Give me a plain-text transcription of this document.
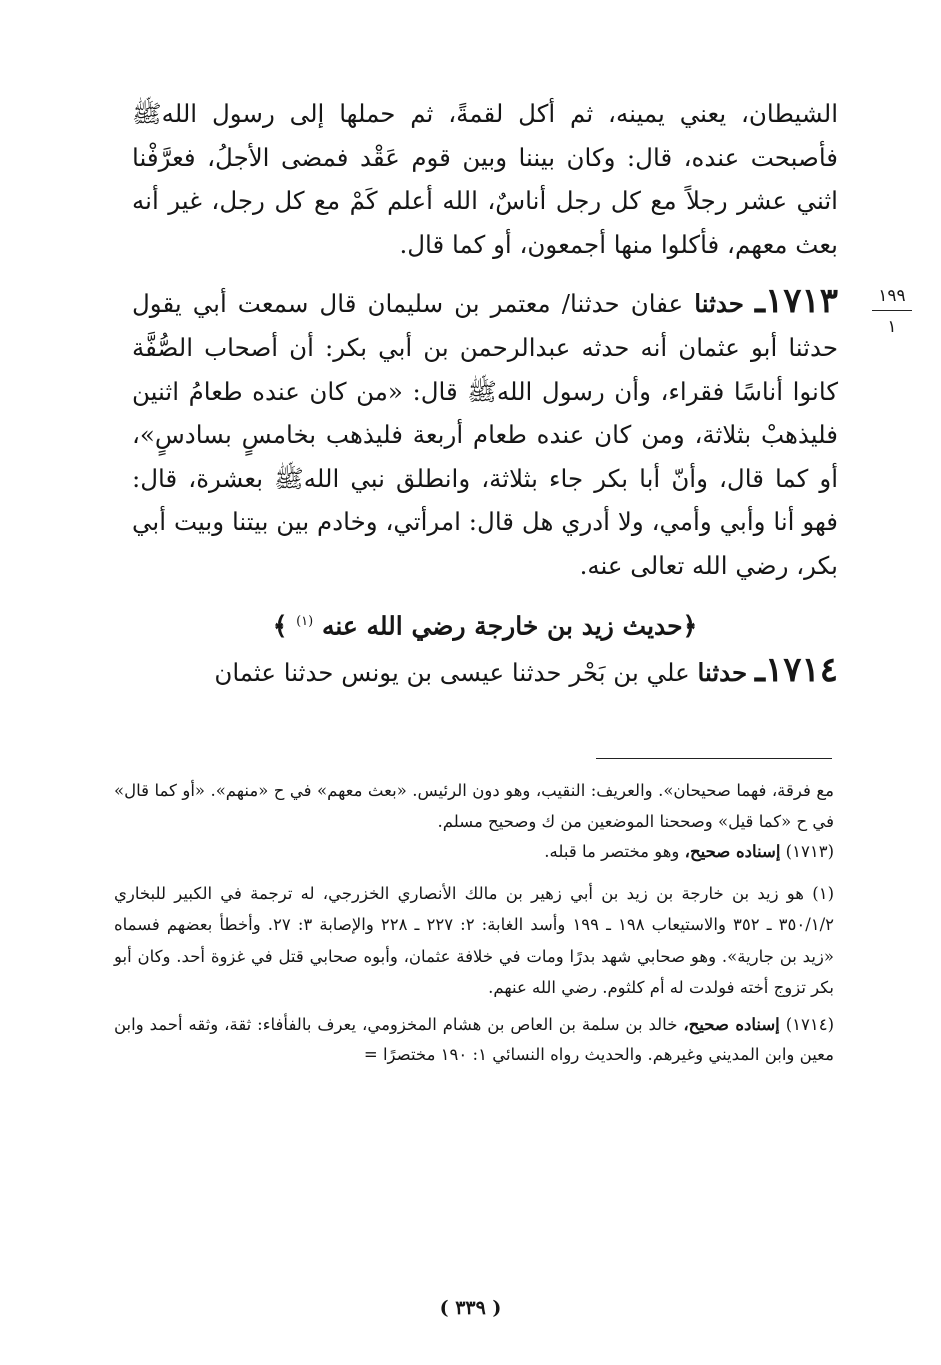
١٩٩
١

الشيطان، يعني يمينه، ثم أكل لقمةً، ثم حملها إلى رسول اللهﷺ فأصبحت عنده، قال: وكان بيننا وبين قوم عَقْد فمضى الأجلُ، فعرَّفْنا اثني عشر رجلاً مع كل رجل أناسٌ، الله أعلم كَمْ مع كل رجل، غير أنه بعث معهم، فأكلوا منها أجمعون، أو كما قال.

١٧١٣ـ حدثنا عفان حدثنا/ معتمر بن سليمان قال سمعت أبي يقول حدثنا أبو عثمان أنه حدثه عبدالرحمن بن أبي بكر: أن أصحاب الصُّفَّة كانوا أناسًا فقراء، وأن رسول اللهﷺ قال: «من كان عنده طعامُ اثنين فليذهبْ بثلاثة، ومن كان عنده طعام أربعة فليذهب بخامسٍ بسادسٍ»، أو كما قال، وأنّ أبا بكر جاء بثلاثة، وانطلق نبي اللهﷺ بعشرة، قال: فهو أنا وأبي وأمي، ولا أدري هل قال: امرأتي، وخادم بين بيتنا وبيت أبي بكر، رضي الله تعالى عنه.

﴿حديث زيد بن خارجة رضي الله عنه $^{(١)}$ ﴾

١٧١٤ـ حدثنا علي بن بَحْر حدثنا عيسى بن يونس حدثنا عثمان

مع فرقة، فهما صحيحان». والعريف: النقيب، وهو دون الرئيس. «بعث معهم» في ح «منهم». «أو كما قال» في ح «كما قيل» وصححنا الموضعين من ك وصحيح مسلم.

(١٧١٣) إسناده صحيح، وهو مختصر ما قبله.

(١) هو زيد بن خارجة بن زيد بن أبي زهير بن مالك الأنصاري الخزرجي، له ترجمة في الكبير للبخاري ٣٥٠/١/٢ ـ ٣٥٢ والاستيعاب ١٩٨ ـ ١٩٩ وأسد الغابة: ٢: ٢٢٧ ـ ٢٢٨ والإصابة ٣: ٢٧. وأخطأ بعضهم فسماه «زيد بن جارية». وهو صحابي شهد بدرًا ومات في خلافة عثمان، وأبوه صحابي قتل في غزوة أحد. وكان أبو بكر تزوج أخته فولدت له أم كلثوم. رضي الله عنهم.

(١٧١٤) إسناده صحيح، خالد بن سلمة بن العاص بن هشام المخزومي، يعرف بالفأفاء: ثقة، وثقه أحمد وابن معين وابن المديني وغيرهم. والحديث رواه النسائي ١: ١٩٠ مختصرًا =

( ٣٣٩ )
